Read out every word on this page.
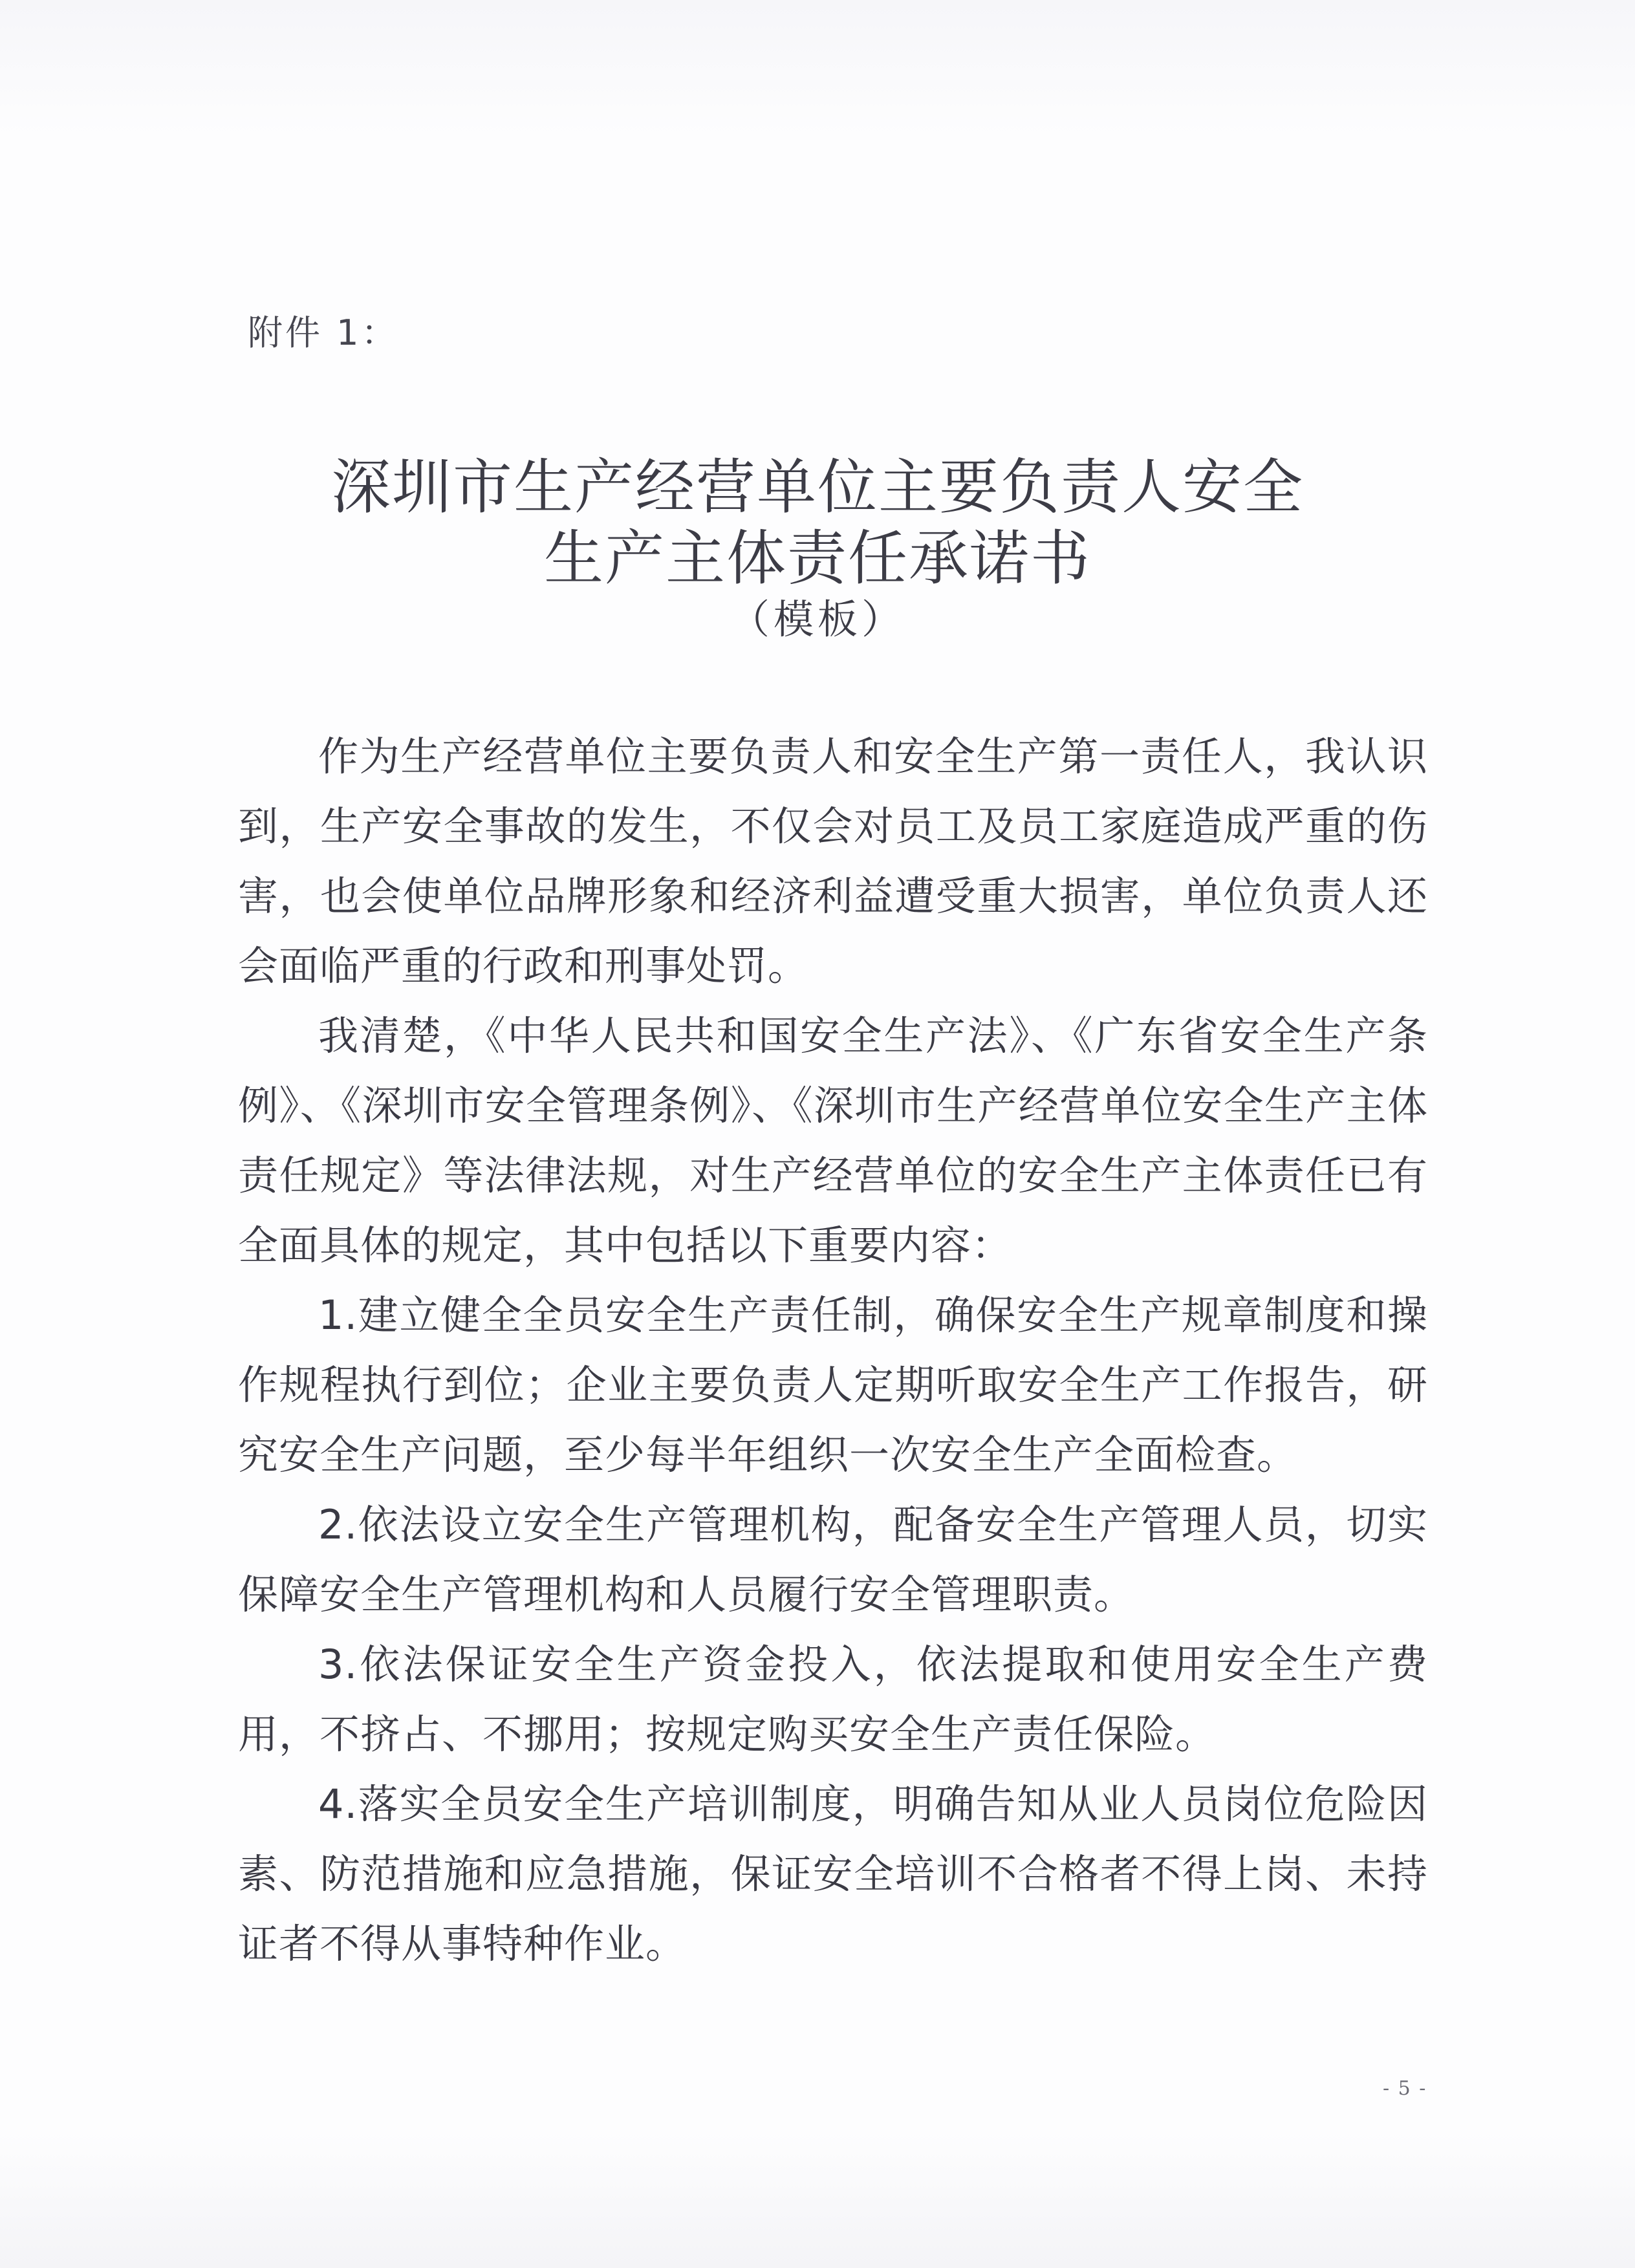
附件 1：
深圳市生产经营单位主要负责人安全
生产主体责任承诺书
（模板）

作为生产经营单位主要负责人和安全生产第一责任人，我认识到，生产安全事故的发生，不仅会对员工及员工家庭造成严重的伤害，也会使单位品牌形象和经济利益遭受重大损害，单位负责人还会面临严重的行政和刑事处罚。

我清楚，《中华人民共和国安全生产法》、《广东省安全生产条例》、《深圳市安全管理条例》、《深圳市生产经营单位安全生产主体责任规定》等法律法规，对生产经营单位的安全生产主体责任已有全面具体的规定，其中包括以下重要内容：

1.建立健全全员安全生产责任制，确保安全生产规章制度和操作规程执行到位；企业主要负责人定期听取安全生产工作报告，研究安全生产问题，至少每半年组织一次安全生产全面检查。

2.依法设立安全生产管理机构，配备安全生产管理人员，切实保障安全生产管理机构和人员履行安全管理职责。

3.依法保证安全生产资金投入，依法提取和使用安全生产费用，不挤占、不挪用；按规定购买安全生产责任保险。

4.落实全员安全生产培训制度，明确告知从业人员岗位危险因素、防范措施和应急措施，保证安全培训不合格者不得上岗、未持证者不得从事特种作业。

- 5 -
